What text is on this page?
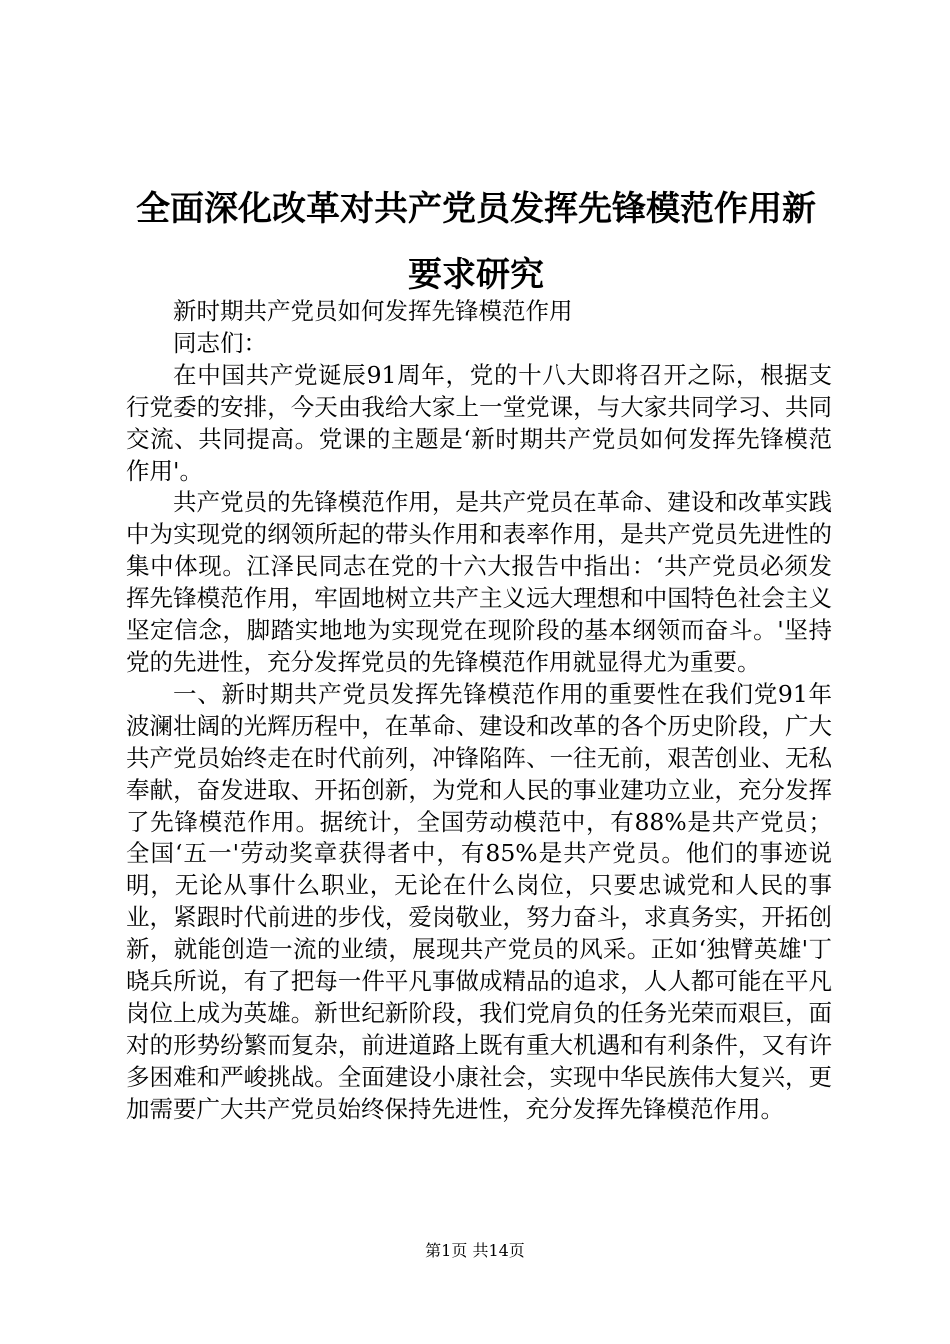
全面深化改革对共产党员发挥先锋模范作用新要求研究

新时期共产党员如何发挥先锋模范作用

同志们：

在中国共产党诞辰91周年，党的十八大即将召开之际，根据支行党委的安排，今天由我给大家上一堂党课，与大家共同学习、共同交流、共同提高。党课的主题是‘新时期共产党员如何发挥先锋模范作用'。

共产党员的先锋模范作用，是共产党员在革命、建设和改革实践中为实现党的纲领所起的带头作用和表率作用，是共产党员先进性的集中体现。江泽民同志在党的十六大报告中指出：‘共产党员必须发挥先锋模范作用，牢固地树立共产主义远大理想和中国特色社会主义坚定信念，脚踏实地地为实现党在现阶段的基本纲领而奋斗。'坚持党的先进性，充分发挥党员的先锋模范作用就显得尤为重要。

一、新时期共产党员发挥先锋模范作用的重要性在我们党91年波澜壮阔的光辉历程中，在革命、建设和改革的各个历史阶段，广大共产党员始终走在时代前列，冲锋陷阵、一往无前，艰苦创业、无私奉献，奋发进取、开拓创新，为党和人民的事业建功立业，充分发挥了先锋模范作用。据统计，全国劳动模范中，有88%是共产党员；全国‘五一'劳动奖章获得者中，有85%是共产党员。他们的事迹说明，无论从事什么职业，无论在什么岗位，只要忠诚党和人民的事业，紧跟时代前进的步伐，爱岗敬业，努力奋斗，求真务实，开拓创新，就能创造一流的业绩，展现共产党员的风采。正如‘独臂英雄'丁晓兵所说，有了把每一件平凡事做成精品的追求，人人都可能在平凡岗位上成为英雄。新世纪新阶段，我们党肩负的任务光荣而艰巨，面对的形势纷繁而复杂，前进道路上既有重大机遇和有利条件，又有许多困难和严峻挑战。全面建设小康社会，实现中华民族伟大复兴，更加需要广大共产党员始终保持先进性，充分发挥先锋模范作用。

第1页 共14页
